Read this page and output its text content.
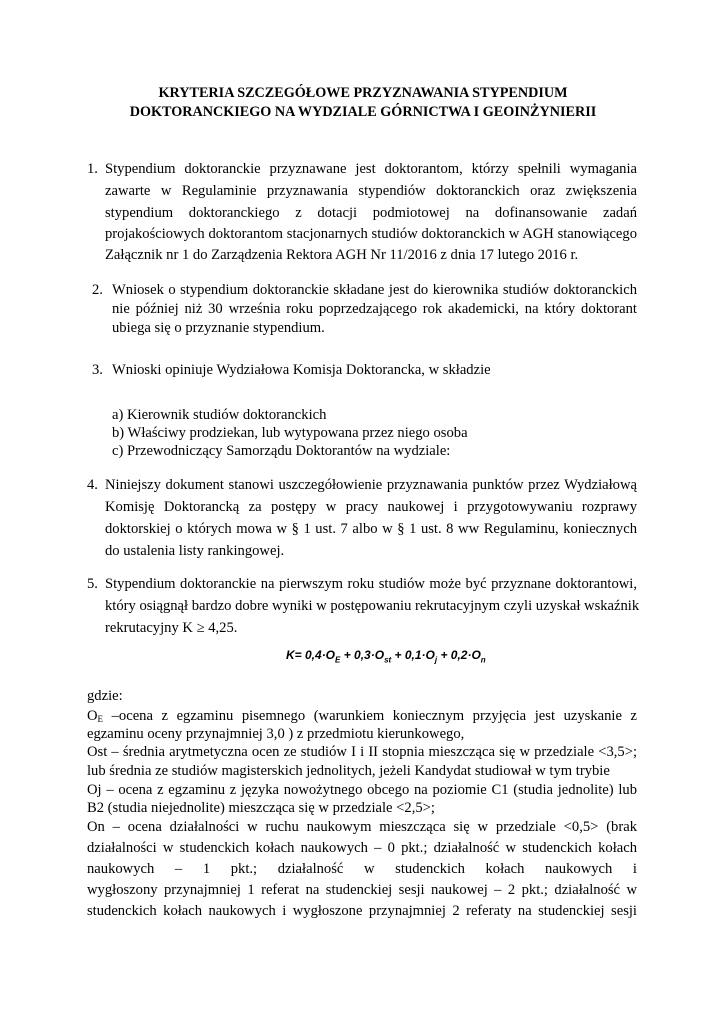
KRYTERIA SZCZEGÓŁOWE PRZYZNAWANIA STYPENDIUM
DOKTORANCKIEGO NA WYDZIALE GÓRNICTWA I GEOINŻYNIERII
1. Stypendium doktoranckie przyznawane jest doktorantom, którzy spełnili wymagania
zawarte w Regulaminie przyznawania stypendiów doktoranckich oraz zwiększenia
stypendium doktoranckiego z dotacji podmiotowej na dofinansowanie zadań
projakościowych doktorantom stacjonarnych studiów doktoranckich w AGH stanowiącego
Załącznik nr 1 do Zarządzenia Rektora AGH Nr 11/2016 z dnia 17 lutego 2016 r.
2. Wniosek o stypendium doktoranckie składane jest do kierownika studiów doktoranckich
nie później niż 30 września roku poprzedzającego rok akademicki, na który doktorant
ubiega się o przyznanie stypendium.
3. Wnioski opiniuje Wydziałowa Komisja Doktorancka, w składzie
a) Kierownik studiów doktoranckich
b) Właściwy prodziekan, lub wytypowana przez niego osoba
c) Przewodniczący Samorządu Doktorantów na wydziale:
4. Niniejszy dokument stanowi uszczegółowienie przyznawania punktów przez Wydziałową
Komisję Doktorancką za postępy w pracy naukowej i przygotowywaniu rozprawy
doktorskiej o których mowa w § 1 ust. 7 albo w § 1 ust. 8 ww Regulaminu, koniecznych
do ustalenia listy rankingowej.
5. Stypendium doktoranckie na pierwszym roku studiów może być przyznane doktorantowi,
który osiągnął bardzo dobre wyniki w postępowaniu rekrutacyjnym czyli uzyskał wskaźnik
rekrutacyjny K ≥ 4,25.
$K= 0,4\cdot O_E + 0,3\cdot O_{st} + 0,1\cdot O_j + 0,2\cdot O_n$
gdzie:
$O_E$ –ocena z egzaminu pisemnego (warunkiem koniecznym przyjęcia jest uzyskanie z
egzaminu oceny przynajmniej 3,0 ) z przedmiotu kierunkowego,
Ost – średnia arytmetyczna ocen ze studiów I i II stopnia mieszcząca się w przedziale <3,5>;
lub średnia ze studiów magisterskich jednolitych, jeżeli Kandydat studiował w tym trybie
Oj – ocena z egzaminu z języka nowożytnego obcego na poziomie C1 (studia jednolite) lub
B2 (studia niejednolite) mieszcząca się w przedziale <2,5>;
On – ocena działalności w ruchu naukowym mieszcząca się w przedziale <0,5> (brak
działalności w studenckich kołach naukowych – 0 pkt.; działalność w studenckich kołach
naukowych – 1 pkt.; działalność w studenckich kołach naukowych i
wygłoszony przynajmniej 1 referat na studenckiej sesji naukowej – 2 pkt.; działalność w
studenckich kołach naukowych i wygłoszone przynajmniej 2 referaty na studenckiej sesji
